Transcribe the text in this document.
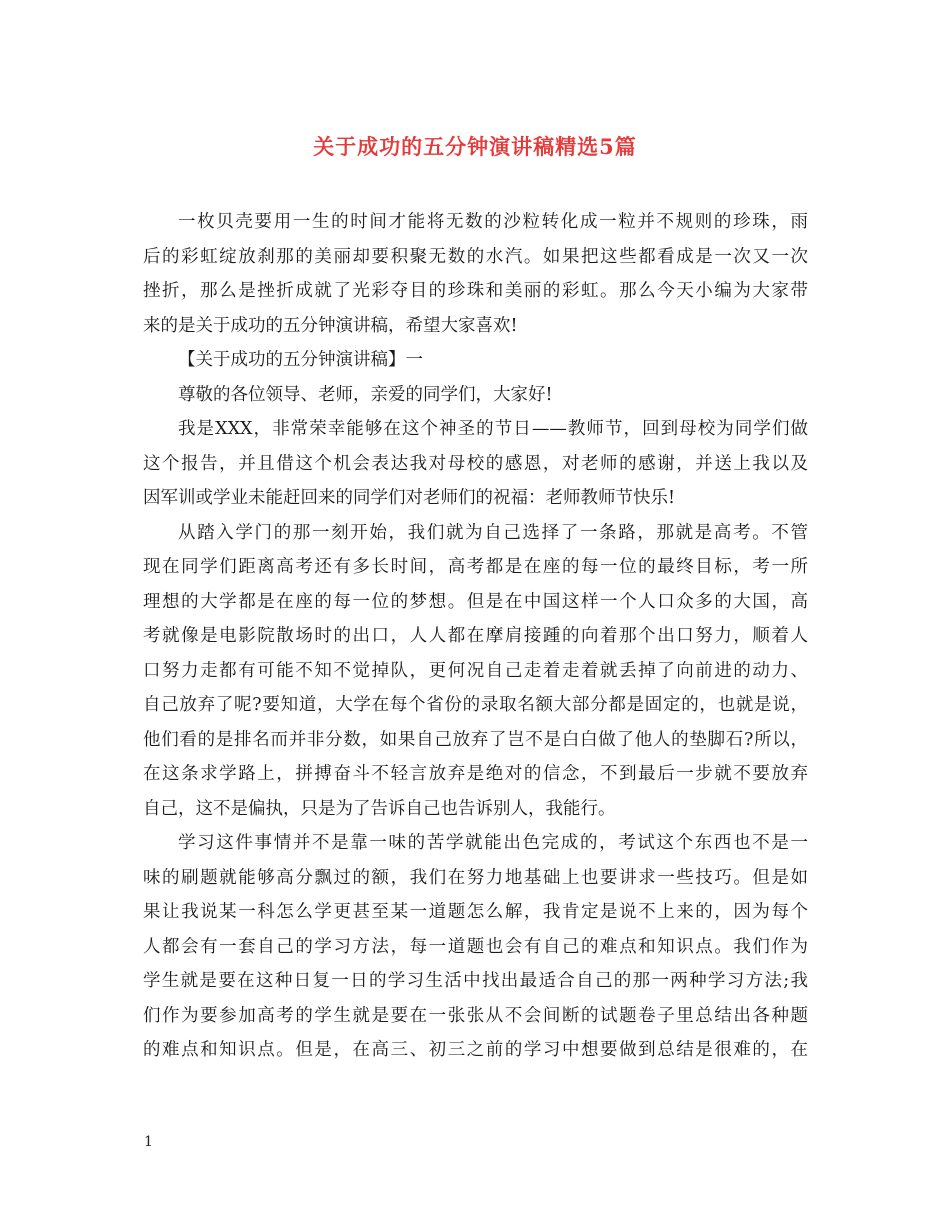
关于成功的五分钟演讲稿精选5篇
一枚贝壳要用一生的时间才能将无数的沙粒转化成一粒并不规则的珍珠，雨
后的彩虹绽放刹那的美丽却要积聚无数的水汽。如果把这些都看成是一次又一次
挫折，那么是挫折成就了光彩夺目的珍珠和美丽的彩虹。那么今天小编为大家带
来的是关于成功的五分钟演讲稿，希望大家喜欢!
【关于成功的五分钟演讲稿】一
尊敬的各位领导、老师，亲爱的同学们，大家好!
我是XXX，非常荣幸能够在这个神圣的节日——教师节，回到母校为同学们做
这个报告，并且借这个机会表达我对母校的感恩，对老师的感谢，并送上我以及
因军训或学业未能赶回来的同学们对老师们的祝福：老师教师节快乐!
从踏入学门的那一刻开始，我们就为自己选择了一条路，那就是高考。不管
现在同学们距离高考还有多长时间，高考都是在座的每一位的最终目标，考一所
理想的大学都是在座的每一位的梦想。但是在中国这样一个人口众多的大国，高
考就像是电影院散场时的出口，人人都在摩肩接踵的向着那个出口努力，顺着人
口努力走都有可能不知不觉掉队，更何况自己走着走着就丢掉了向前进的动力、
自己放弃了呢?要知道，大学在每个省份的录取名额大部分都是固定的，也就是说，
他们看的是排名而并非分数，如果自己放弃了岂不是白白做了他人的垫脚石?所以，
在这条求学路上，拼搏奋斗不轻言放弃是绝对的信念，不到最后一步就不要放弃
自己，这不是偏执，只是为了告诉自己也告诉别人，我能行。
学习这件事情并不是靠一味的苦学就能出色完成的，考试这个东西也不是一
味的刷题就能够高分飘过的额，我们在努力地基础上也要讲求一些技巧。但是如
果让我说某一科怎么学更甚至某一道题怎么解，我肯定是说不上来的，因为每个
人都会有一套自己的学习方法，每一道题也会有自己的难点和知识点。我们作为
学生就是要在这种日复一日的学习生活中找出最适合自己的那一两种学习方法;我
们作为要参加高考的学生就是要在一张张从不会间断的试题卷子里总结出各种题
的难点和知识点。但是，在高三、初三之前的学习中想要做到总结是很难的，在
1
